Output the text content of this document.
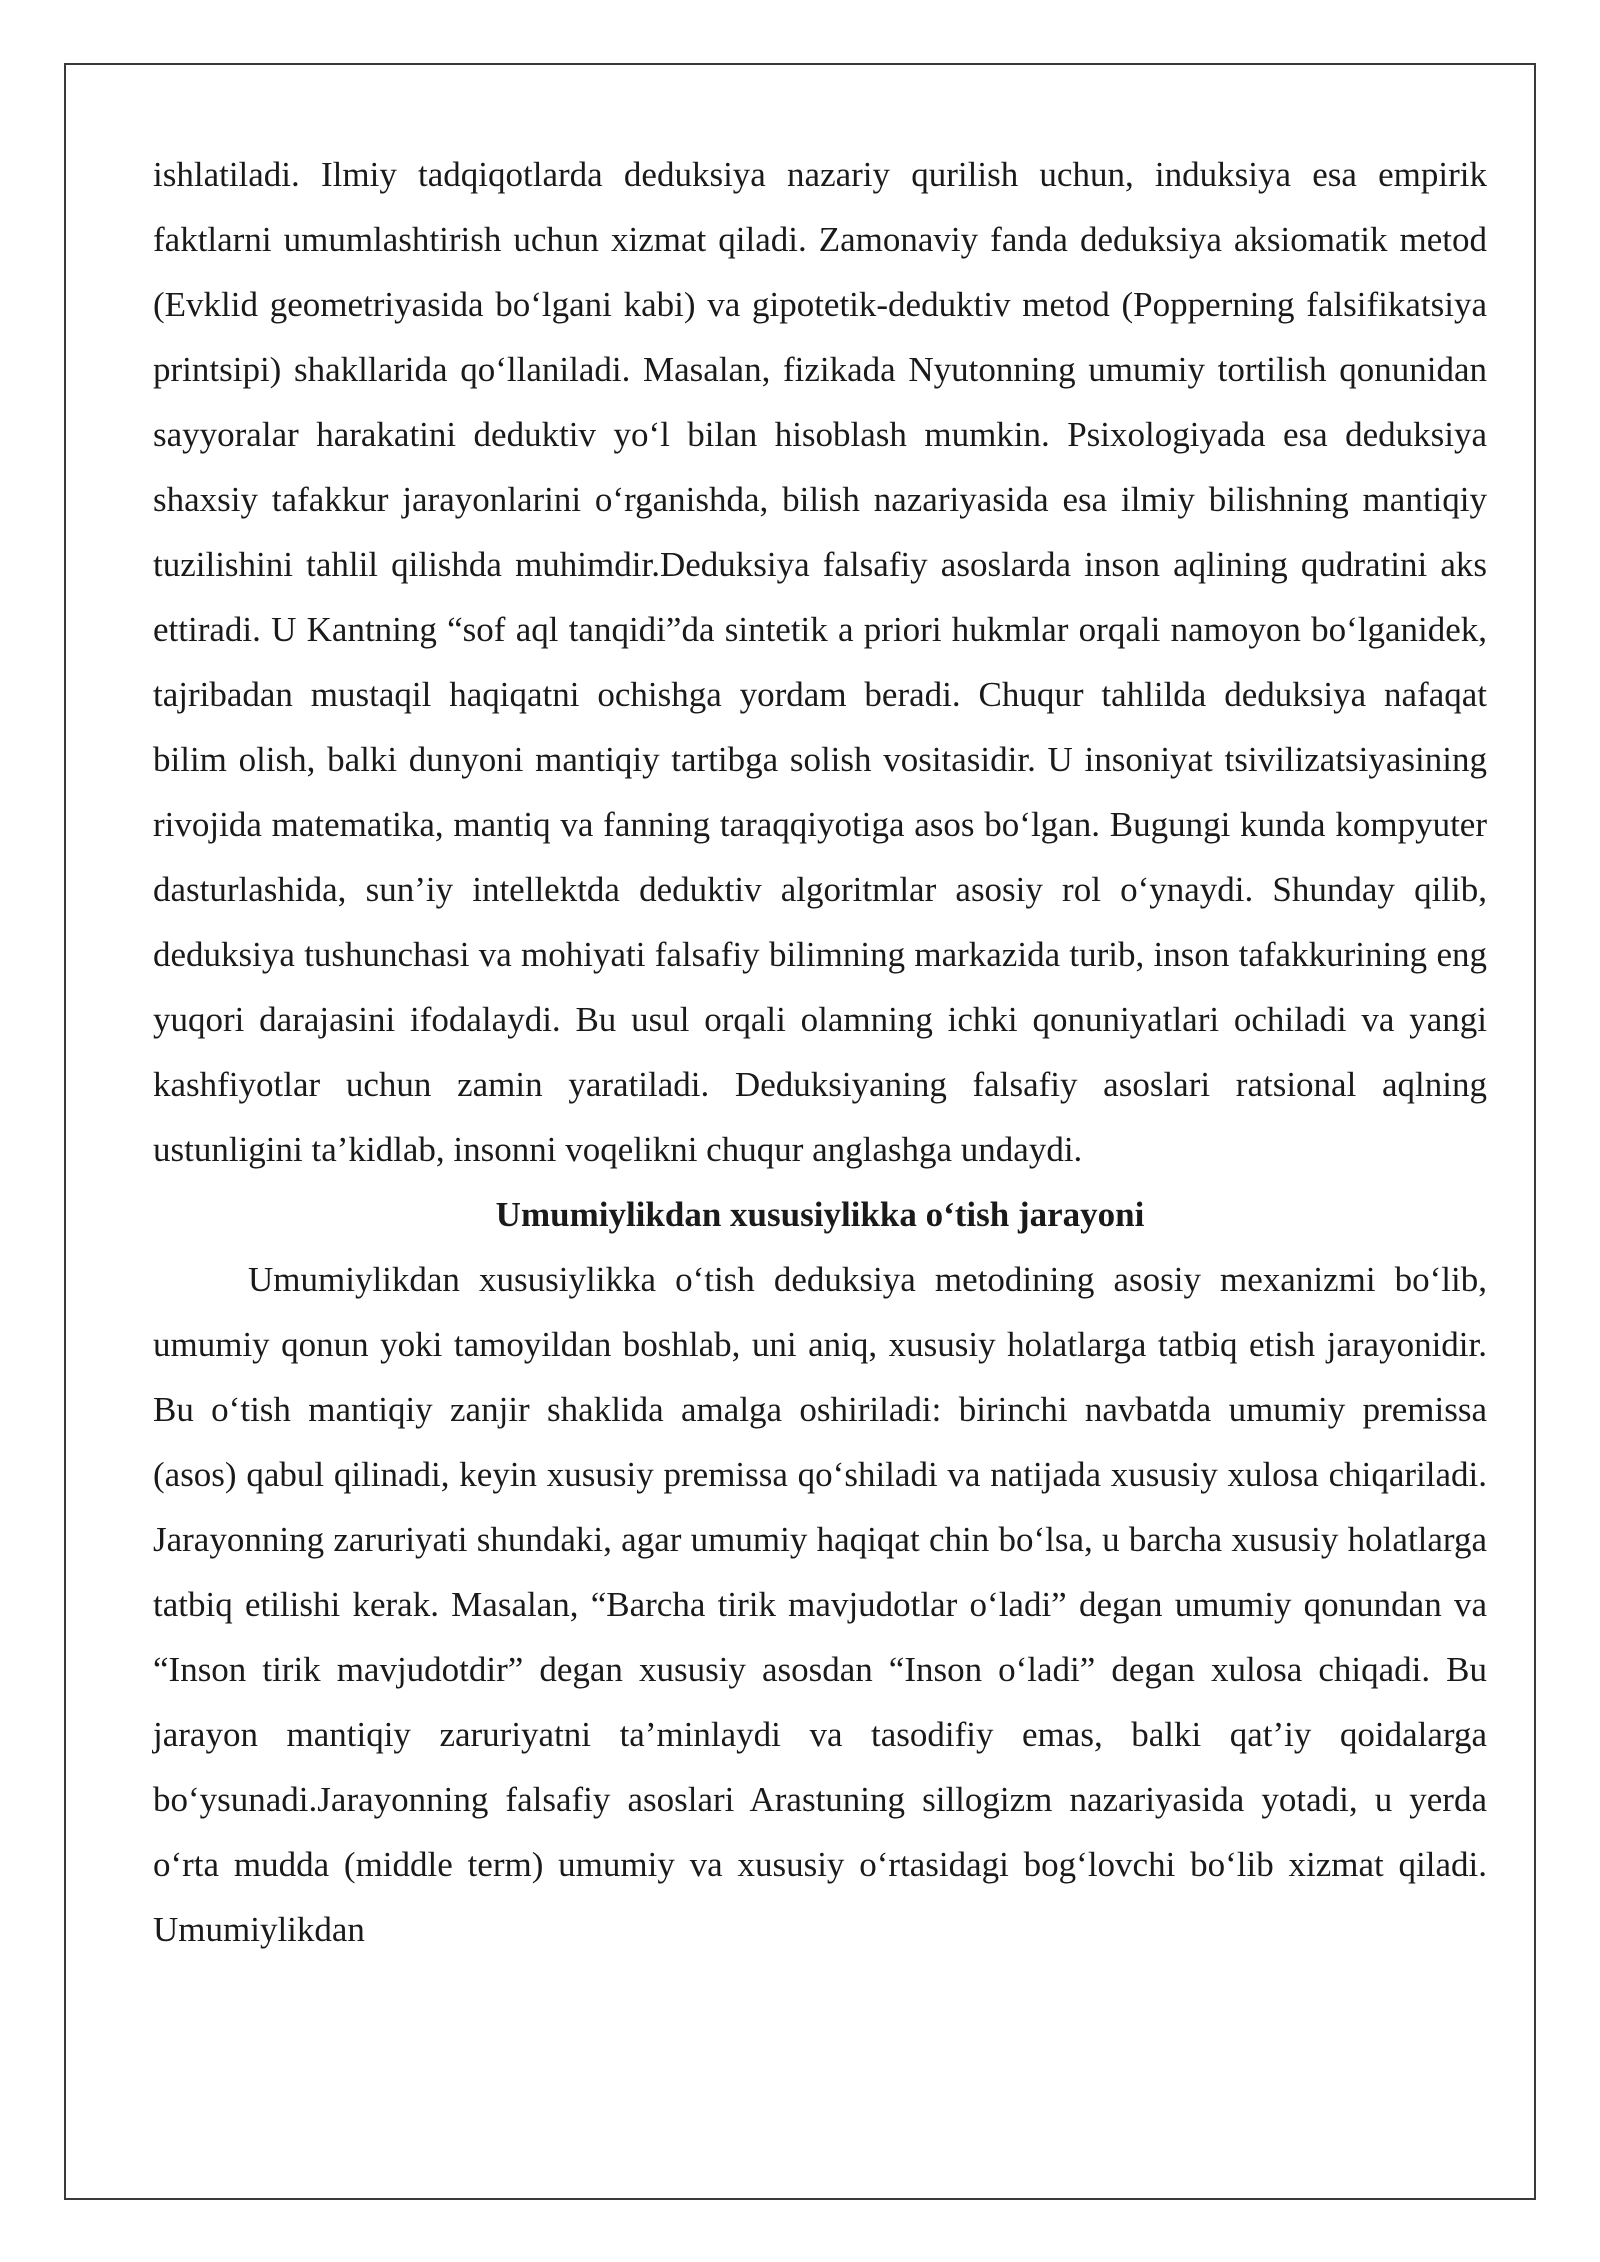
ishlatiladi. Ilmiy tadqiqotlarda deduksiya nazariy qurilish uchun, induksiya esa empirik faktlarni umumlashtirish uchun xizmat qiladi. Zamonaviy fanda deduksiya aksiomatik metod (Evklid geometriyasida boʻlgani kabi) va gipotetik-deduktiv metod (Popperning falsifikatsiya printsipi) shakllarida qoʻllaniladi. Masalan, fizikada Nyutonning umumiy tortilish qonunidan sayyoralar harakatini deduktiv yoʻl bilan hisoblash mumkin. Psixologiyada esa deduksiya shaxsiy tafakkur jarayonlarini oʻrganishda, bilish nazariyasida esa ilmiy bilishning mantiqiy tuzilishini tahlil qilishda muhimdir.Deduksiya falsafiy asoslarda inson aqlining qudratini aks ettiradi. U Kantning “sof aql tanqidi”da sintetik a priori hukmlar orqali namoyon boʻlganidek, tajribadan mustaqil haqiqatni ochishga yordam beradi. Chuqur tahlilda deduksiya nafaqat bilim olish, balki dunyoni mantiqiy tartibga solish vositasidir. U insoniyat tsivilizatsiyasining rivojida matematika, mantiq va fanning taraqqiyotiga asos boʻlgan. Bugungi kunda kompyuter dasturlashida, sun’iy intellektda deduktiv algoritmlar asosiy rol oʻynaydi. Shunday qilib, deduksiya tushunchasi va mohiyati falsafiy bilimning markazida turib, inson tafakkurining eng yuqori darajasini ifodalaydi. Bu usul orqali olamning ichki qonuniyatlari ochiladi va yangi kashfiyotlar uchun zamin yaratiladi. Deduksiyaning falsafiy asoslari ratsional aqlning ustunligini ta’kidlab, insonni voqelikni chuqur anglashga undaydi.

Umumiylikdan xususiylikka oʻtish jarayoni

Umumiylikdan xususiylikka oʻtish deduksiya metodining asosiy mexanizmi boʻlib, umumiy qonun yoki tamoyildan boshlab, uni aniq, xususiy holatlarga tatbiq etish jarayonidir. Bu oʻtish mantiqiy zanjir shaklida amalga oshiriladi: birinchi navbatda umumiy premissa (asos) qabul qilinadi, keyin xususiy premissa qoʻshiladi va natijada xususiy xulosa chiqariladi. Jarayonning zaruriyati shundaki, agar umumiy haqiqat chin boʻlsa, u barcha xususiy holatlarga tatbiq etilishi kerak. Masalan, “Barcha tirik mavjudotlar oʻladi” degan umumiy qonundan va “Inson tirik mavjudotdir” degan xususiy asosdan “Inson oʻladi” degan xulosa chiqadi. Bu jarayon mantiqiy zaruriyatni ta’minlaydi va tasodifiy emas, balki qat’iy qoidalarga boʻysunadi.Jarayonning falsafiy asoslari Arastuning sillogizm nazariyasida yotadi, u yerda oʻrta mudda (middle term) umumiy va xususiy oʻrtasidagi bogʻlovchi boʻlib xizmat qiladi. Umumiylikdan
